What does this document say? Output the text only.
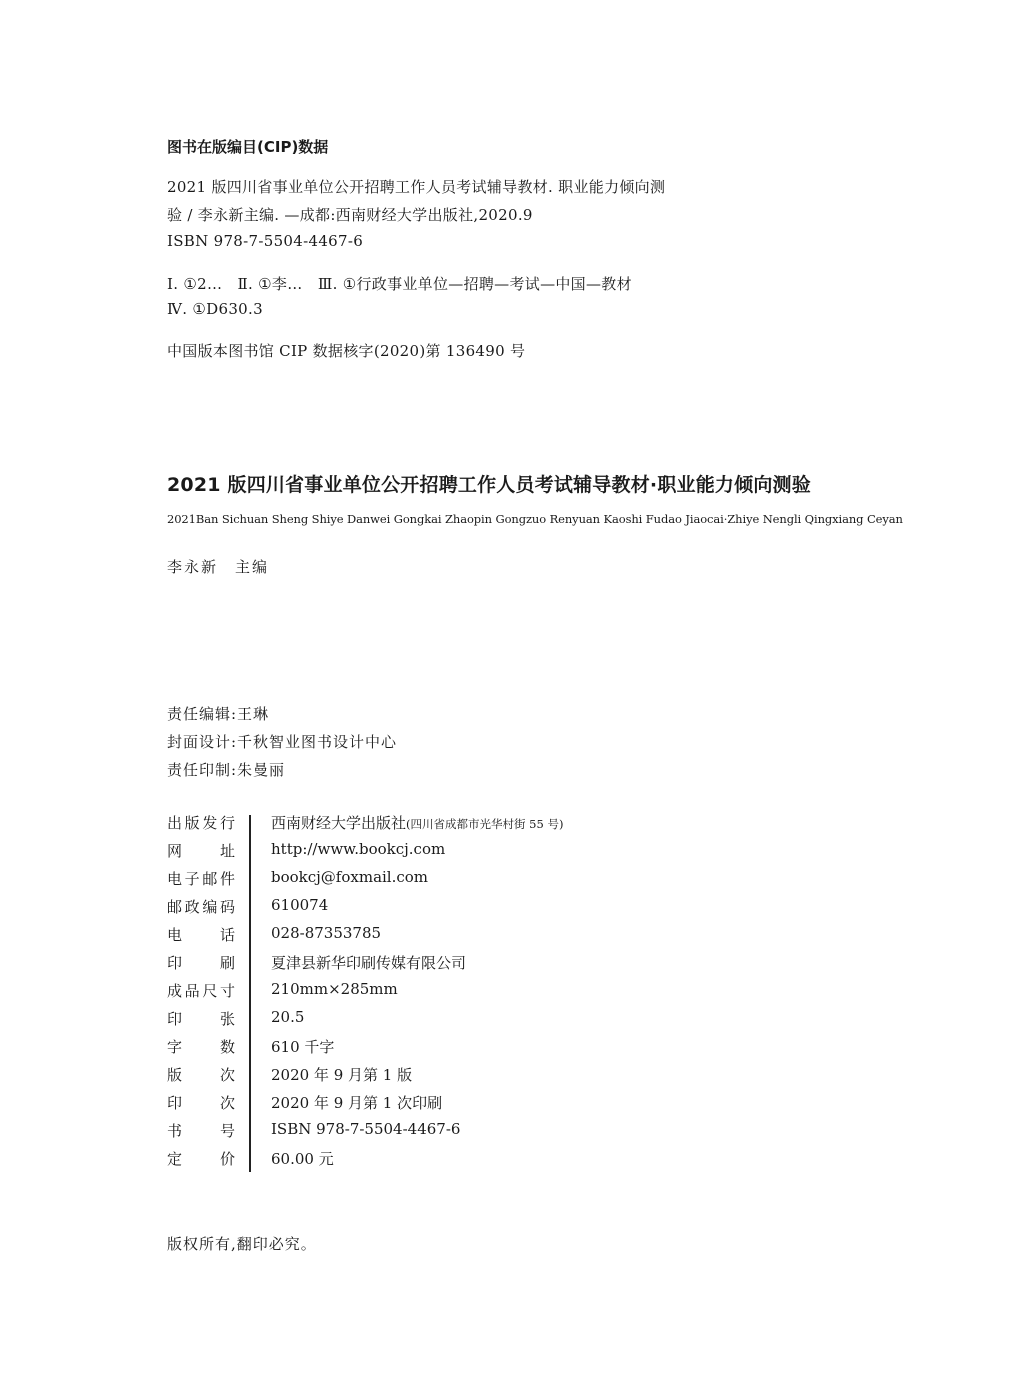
图书在版编目(CIP)数据
2021 版四川省事业单位公开招聘工作人员考试辅导教材. 职业能力倾向测
验 / 李永新主编. —成都:西南财经大学出版社,2020.9
ISBN 978-7-5504-4467-6
Ⅰ. ①2…　Ⅱ. ①李…　Ⅲ. ①行政事业单位—招聘—考试—中国—教材
Ⅳ. ①D630.3
中国版本图书馆 CIP 数据核字(2020)第 136490 号
2021 版四川省事业单位公开招聘工作人员考试辅导教材·职业能力倾向测验
2021Ban Sichuan Sheng Shiye Danwei Gongkai Zhaopin Gongzuo Renyuan Kaoshi Fudao Jiaocai·Zhiye Nengli Qingxiang Ceyan
李永新　主编
责任编辑:王琳
封面设计:千秋智业图书设计中心
责任印制:朱曼丽
出版发行 西南财经大学出版社(四川省成都市光华村街 55 号)
网址 http://www.bookcj.com
电子邮件 bookcj@foxmail.com
邮政编码 610074
电话 028-87353785
印刷 夏津县新华印刷传媒有限公司
成品尺寸 210mm×285mm
印张 20.5
字数 610 千字
版次 2020 年 9 月第 1 版
印次 2020 年 9 月第 1 次印刷
书号 ISBN 978-7-5504-4467-6
定价 60.00 元
版权所有,翻印必究。
